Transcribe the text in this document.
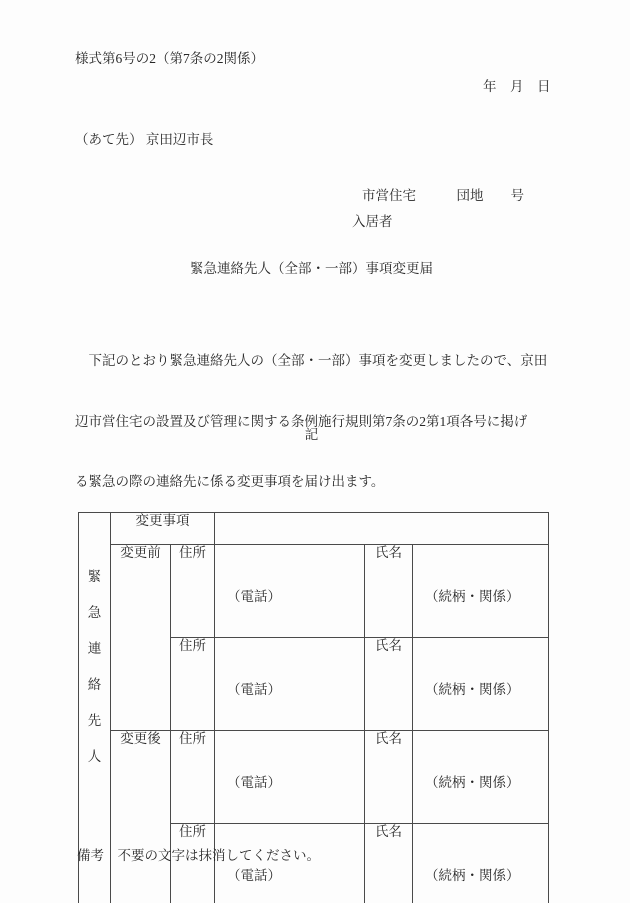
様式第6号の2（第7条の2関係）
年　月　日
（あて先） 京田辺市長
市営住宅　　　団地　　号
入居者
緊急連絡先人（全部・一部）事項変更届

　下記のとおり緊急連絡先人の（全部・一部）事項を変更しましたので、京田

辺市営住宅の設置及び管理に関する条例施行規則第7条の2第1項各号に掲げ

る緊急の際の連絡先に係る変更事項を届け出ます。

記

緊急連絡先人	変更事項				
	変更前	住所	（電話）	氏名	（続柄・関係）

		住所	（電話）	氏名	（続柄・関係）

	変更後	住所	（電話）	氏名	（続柄・関係）

		住所	（電話）	氏名	（続柄・関係）

備考　不要の文字は抹消してください。
